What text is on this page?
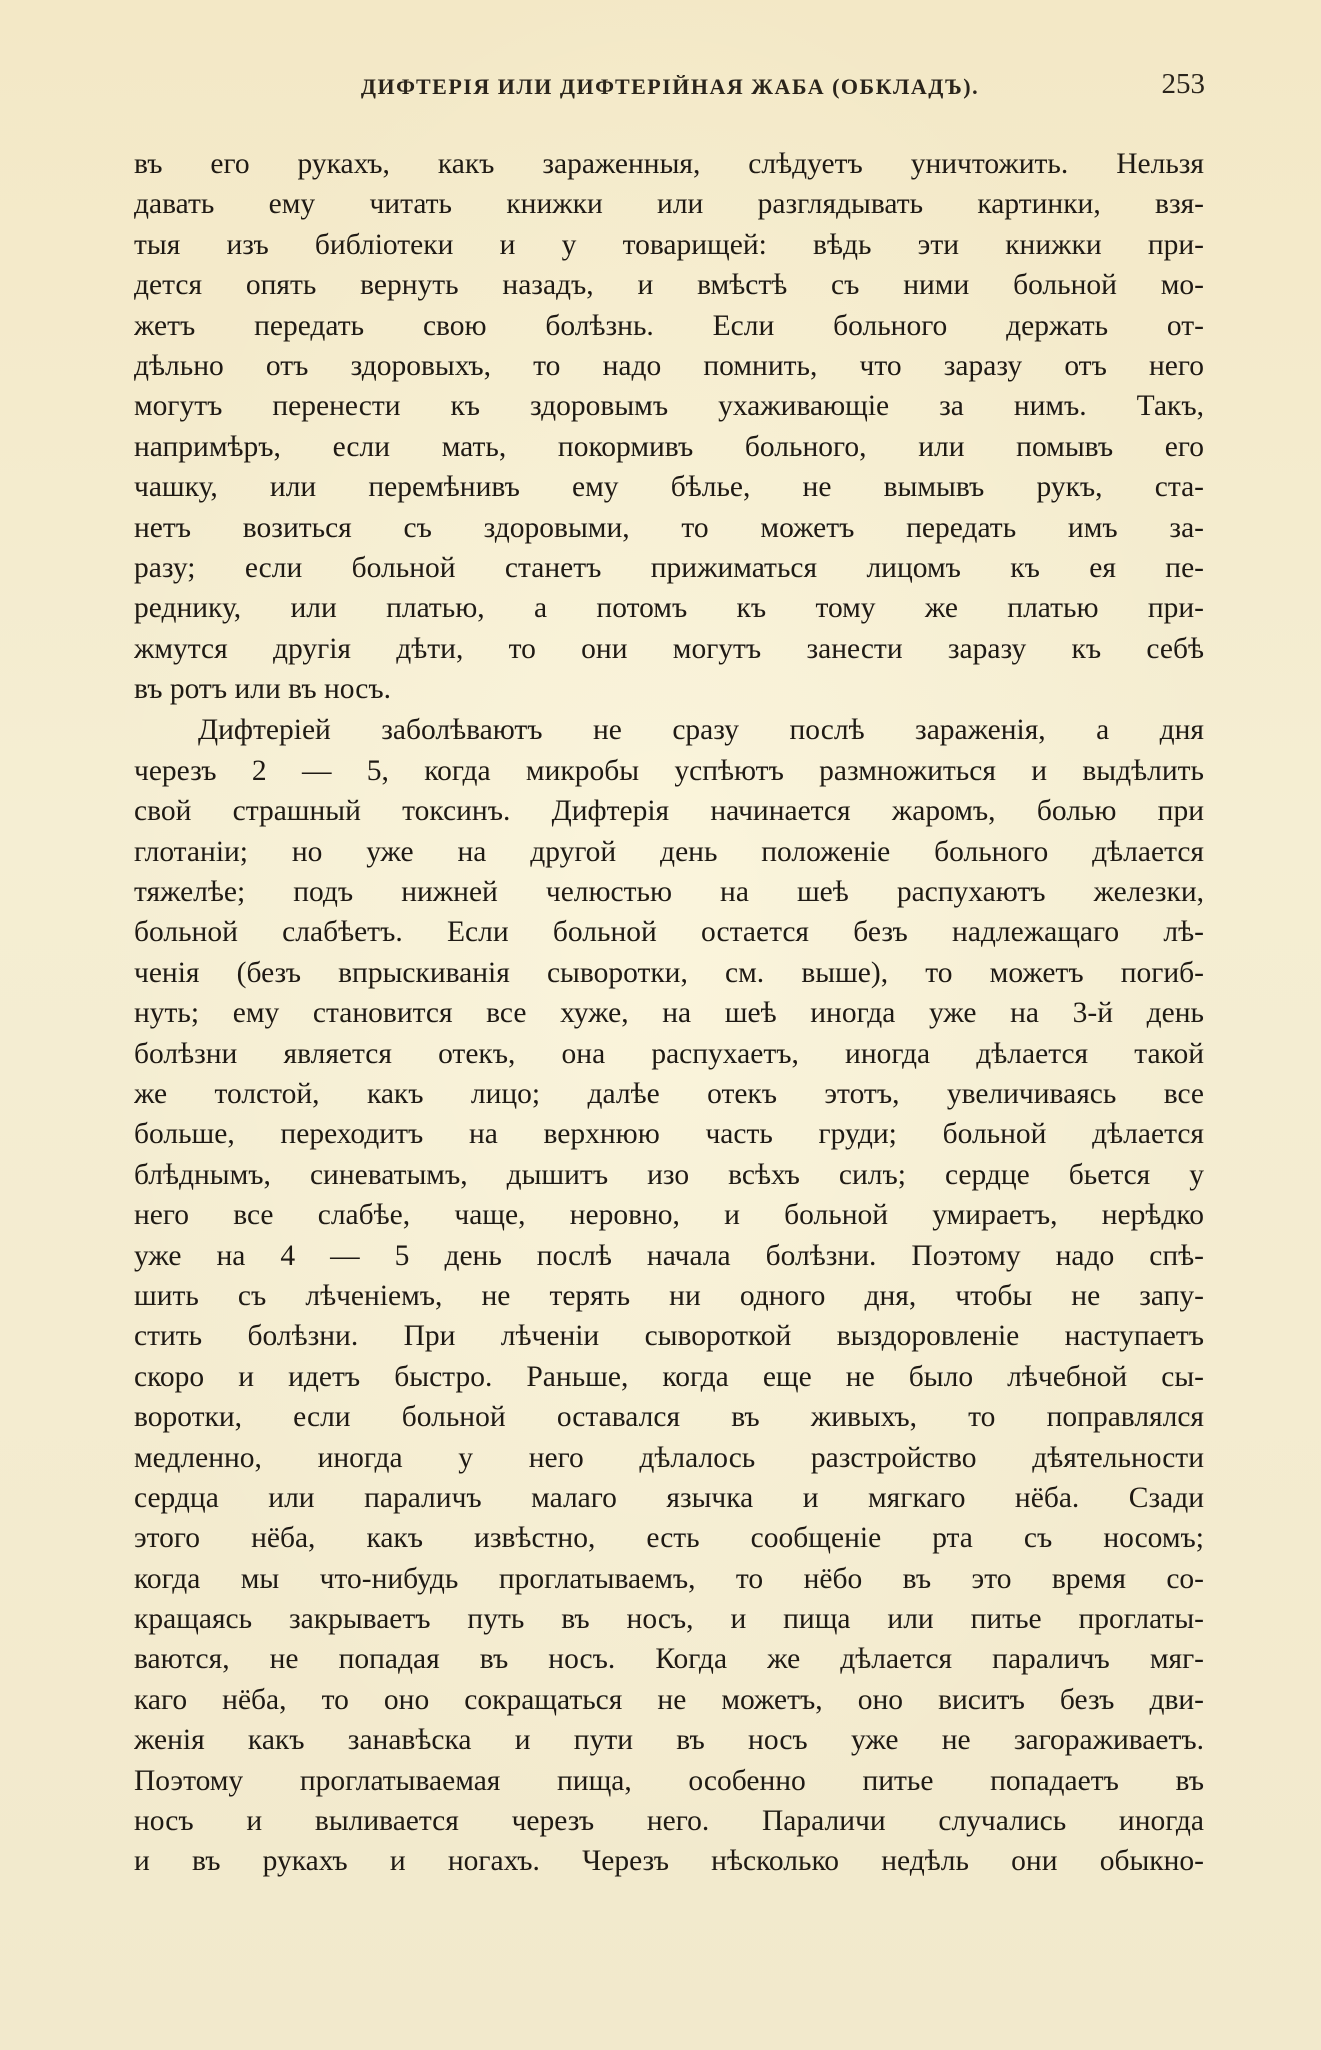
ДИФТЕРІЯ ИЛИ ДИФТЕРІЙНАЯ ЖАБА (ОБКЛАДЪ).	253
въ его рукахъ, какъ зараженныя, слѣдуетъ уничтожить. Нельзя
давать ему читать книжки или разглядывать картинки, взя-
тыя изъ библіотеки и у товарищей: вѣдь эти книжки при-
дется опять вернуть назадъ, и вмѣстѣ съ ними больной мо-
жетъ передать свою болѣзнь. Если больного держать от-
дѣльно отъ здоровыхъ, то надо помнить, что заразу отъ него
могутъ перенести къ здоровымъ ухаживающіе за нимъ. Такъ,
напримѣръ, если мать, покормивъ больного, или помывъ его
чашку, или перемѣнивъ ему бѣлье, не вымывъ рукъ, ста-
нетъ возиться съ здоровыми, то можетъ передать имъ за-
разу; если больной станетъ прижиматься лицомъ къ ея пе-
реднику, или платью, а потомъ къ тому же платью при-
жмутся другія дѣти, то они могутъ занести заразу къ себѣ
въ ротъ или въ носъ.
Дифтеріей заболѣваютъ не сразу послѣ зараженія, а дня
черезъ 2 — 5, когда микробы успѣютъ размножиться и выдѣлить
свой страшный токсинъ. Дифтерія начинается жаромъ, болью при
глотаніи; но уже на другой день положеніе больного дѣлается
тяжелѣе; подъ нижней челюстью на шеѣ распухаютъ железки,
больной слабѣетъ. Если больной остается безъ надлежащаго лѣ-
ченія (безъ впрыскиванія сыворотки, см. выше), то можетъ погиб-
нуть; ему становится все хуже, на шеѣ иногда уже на 3-й день
болѣзни является отекъ, она распухаетъ, иногда дѣлается такой
же толстой, какъ лицо; далѣе отекъ этотъ, увеличиваясь все
больше, переходитъ на верхнюю часть груди; больной дѣлается
блѣднымъ, синеватымъ, дышитъ изо всѣхъ силъ; сердце бьется у
него все слабѣе, чаще, неровно, и больной умираетъ, нерѣдко
уже на 4 — 5 день послѣ начала болѣзни. Поэтому надо спѣ-
шить съ лѣченіемъ, не терять ни одного дня, чтобы не запу-
стить болѣзни. При лѣченіи сывороткой выздоровленіе наступаетъ
скоро и идетъ быстро. Раньше, когда еще не было лѣчебной сы-
воротки, если больной оставался въ живыхъ, то поправлялся
медленно, иногда у него дѣлалось разстройство дѣятельности
сердца или параличъ малаго язычка и мягкаго нёба. Сзади
этого нёба, какъ извѣстно, есть сообщеніе рта съ носомъ;
когда мы что-нибудь проглатываемъ, то нёбо въ это время со-
кращаясь закрываетъ путь въ носъ, и пища или питье проглаты-
ваются, не попадая въ носъ. Когда же дѣлается параличъ мяг-
каго нёба, то оно сокращаться не можетъ, оно виситъ безъ дви-
женія какъ занавѣска и пути въ носъ уже не загораживаетъ.
Поэтому проглатываемая пища, особенно питье попадаетъ въ
носъ и выливается черезъ него. Параличи случались иногда
и въ рукахъ и ногахъ. Черезъ нѣсколько недѣль они обыкно-
